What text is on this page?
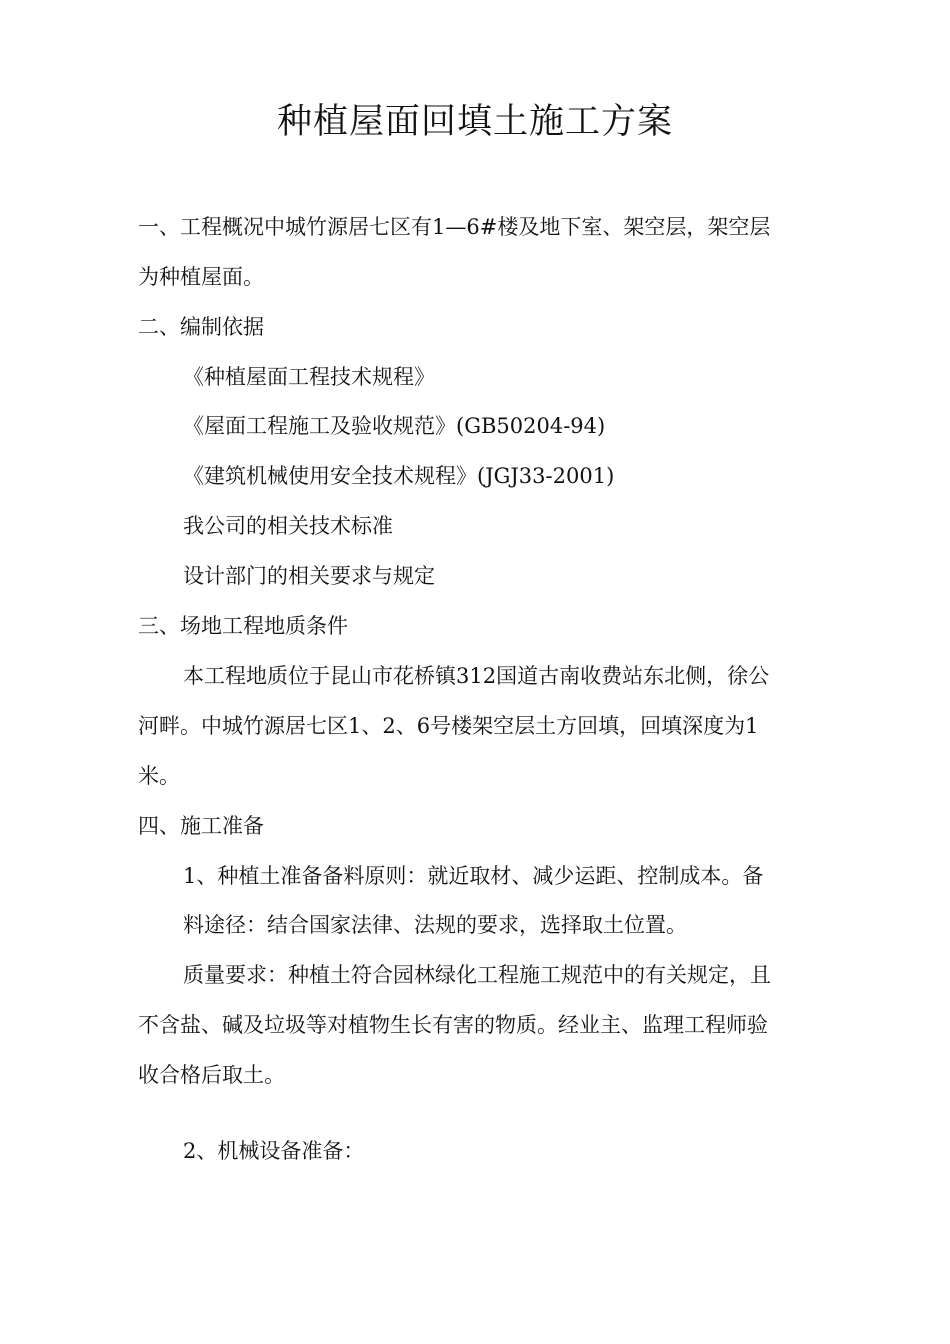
种植屋面回填土施工方案

一、工程概况中城竹源居七区有1—6#楼及地下室、架空层，架空层

为种植屋面。

二、编制依据

《种植屋面工程技术规程》

《屋面工程施工及验收规范》(GB50204-94)

《建筑机械使用安全技术规程》(JGJ33-2001)

我公司的相关技术标准

设计部门的相关要求与规定

三、场地工程地质条件

本工程地质位于昆山市花桥镇312国道古南收费站东北侧，徐公

河畔。中城竹源居七区1、2、6号楼架空层土方回填，回填深度为1

米。

四、施工准备

1、种植土准备备料原则：就近取材、减少运距、控制成本。备

料途径：结合国家法律、法规的要求，选择取土位置。

质量要求：种植土符合园林绿化工程施工规范中的有关规定，且

不含盐、碱及垃圾等对植物生长有害的物质。经业主、监理工程师验

收合格后取土。

2、机械设备准备：
